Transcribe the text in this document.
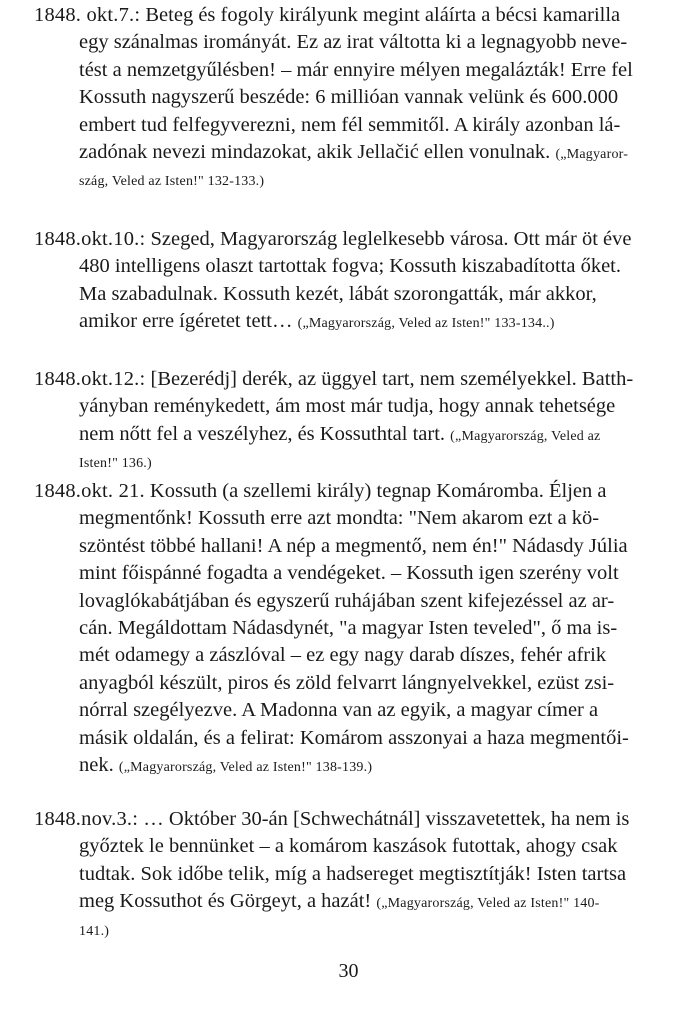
1848. okt.7.: Beteg és fogoly királyunk megint aláírta a bécsi kamarilla
egy szánalmas irományát. Ez az irat váltotta ki a legnagyobb neve-
tést a nemzetgyűlésben! – már ennyire mélyen megalázták! Erre fel
Kossuth nagyszerű beszéde: 6 millióan vannak velünk és 600.000
embert tud felfegyverezni, nem fél semmitől. A király azonban lá-
zadónak nevezi mindazokat, akik Jellačić ellen vonulnak. („Magyaror-
szág, Veled az Isten!" 132-133.)
1848.okt.10.: Szeged, Magyarország leglelkesebb városa. Ott már öt éve
480 intelligens olaszt tartottak fogva; Kossuth kiszabadította őket.
Ma szabadulnak. Kossuth kezét, lábát szorongatták, már akkor,
amikor erre ígéretet tett… („Magyarország, Veled az Isten!" 133-134..)
1848.okt.12.: [Bezerédj] derék, az üggyel tart, nem személyekkel. Batth-
yányban reménykedett, ám most már tudja, hogy annak tehetsége
nem nőtt fel a veszélyhez, és Kossuthtal tart. („Magyarország, Veled az
Isten!" 136.)
1848.okt. 21. Kossuth (a szellemi király) tegnap Komáromba. Éljen a
megmentőnk! Kossuth erre azt mondta: "Nem akarom ezt a kö-
szöntést többé hallani! A nép a megmentő, nem én!" Nádasdy Júlia
mint főispánné fogadta a vendégeket. – Kossuth igen szerény volt
lovaglókabátjában és egyszerű ruhájában szent kifejezéssel az ar-
cán. Megáldottam Nádasdynét, "a magyar Isten teveled", ő ma is-
mét odamegy a zászlóval – ez egy nagy darab díszes, fehér afrik
anyagból készült, piros és zöld felvarrt lángnyelvekkel, ezüst zsi-
nórral szegélyezve. A Madonna van az egyik, a magyar címer a
másik oldalán, és a felirat: Komárom asszonyai a haza megmentői-
nek. („Magyarország, Veled az Isten!" 138-139.)
1848.nov.3.: … Október 30-án [Schwechátnál] visszavetettek, ha nem is
győztek le bennünket – a komárom kaszások futottak, ahogy csak
tudtak. Sok időbe telik, míg a hadsereget megtisztítják! Isten tartsa
meg Kossuthot és Görgeyt, a hazát! („Magyarország, Veled az Isten!" 140-
141.)
30
